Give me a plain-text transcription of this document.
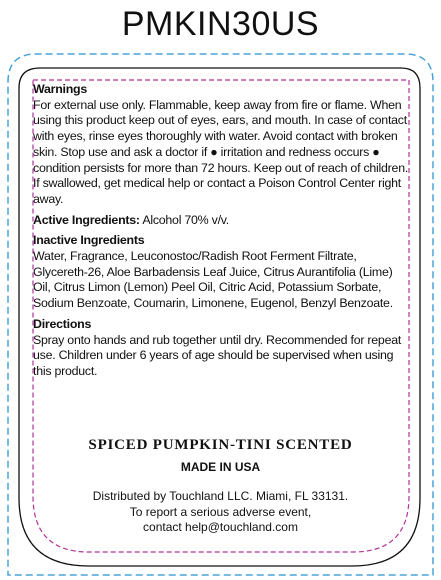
PMKIN30US
Warnings
For external use only. Flammable, keep away from fire or flame. When using this product keep out of eyes, ears, and mouth. In case of contact with eyes, rinse eyes thoroughly with water. Avoid contact with broken skin. Stop use and ask a doctor if ● irritation and redness occurs ● condition persists for more than 72 hours. Keep out of reach of children. If swallowed, get medical help or contact a Poison Control Center right away.
Active Ingredients: Alcohol 70% v/v.
Inactive Ingredients
Water, Fragrance, Leuconostoc/Radish Root Ferment Filtrate, Glycereth-26, Aloe Barbadensis Leaf Juice, Citrus Aurantifolia (Lime) Oil, Citrus Limon (Lemon) Peel Oil, Citric Acid, Potassium Sorbate, Sodium Benzoate, Coumarin, Limonene, Eugenol, Benzyl Benzoate.
Directions
Spray onto hands and rub together until dry. Recommended for repeat use. Children under 6 years of age should be supervised when using this product.
SPICED PUMPKIN-TINI SCENTED
MADE IN USA
Distributed by Touchland LLC. Miami, FL 33131.
To report a serious adverse event,
contact help@touchland.com
